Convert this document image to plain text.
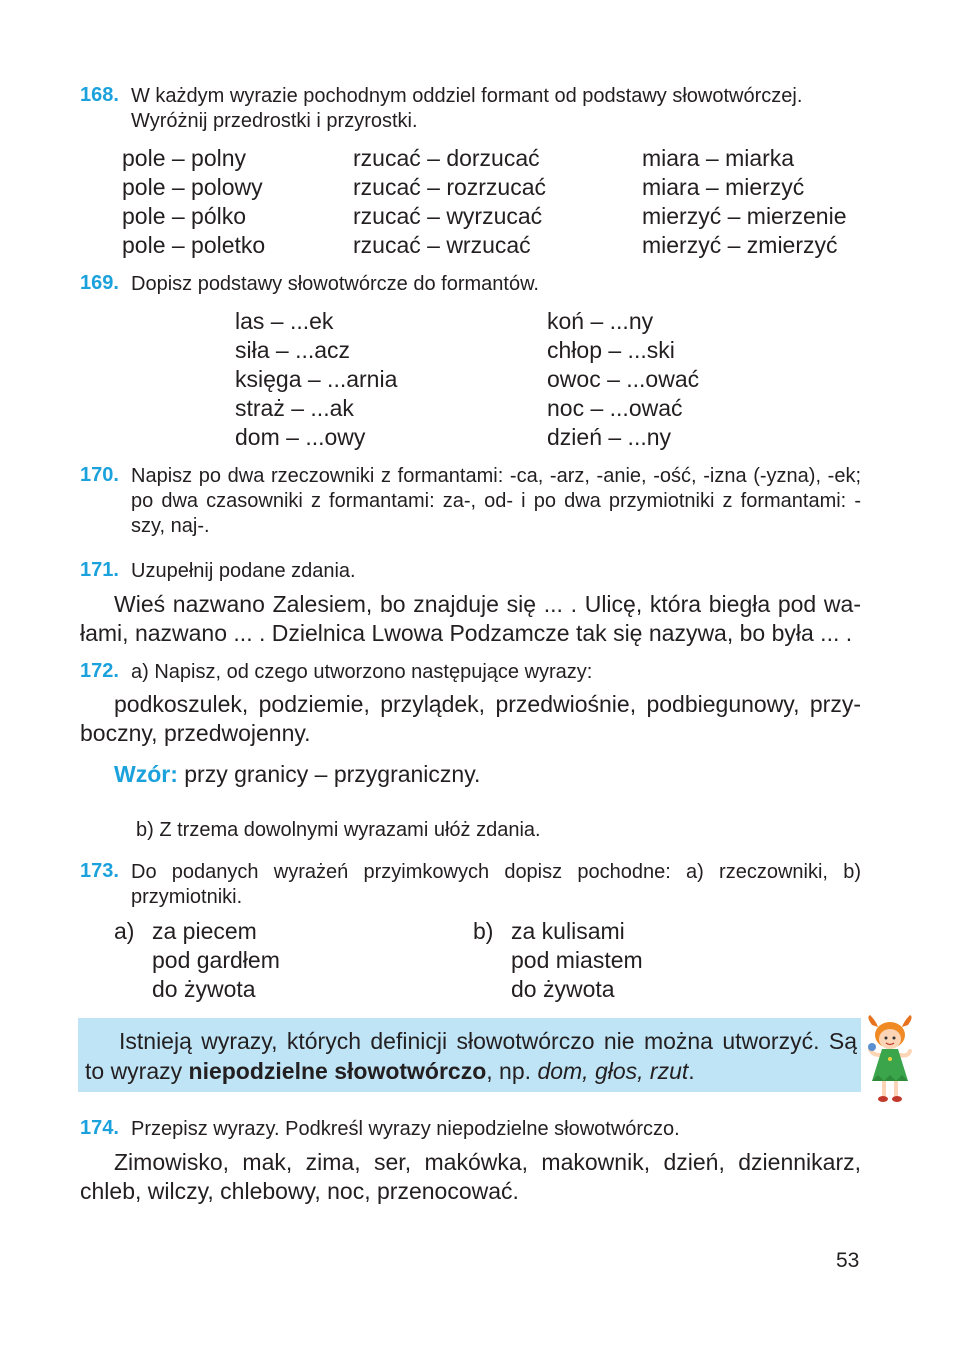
168. W każdym wyrazie pochodnym oddziel formant od podstawy słowotwórczej.
Wyróżnij przedrostki i przyrostki.
pole – polny
pole – polowy
pole – pólko
pole – poletko
rzucać – dorzucać
rzucać – rozrzucać
rzucać – wyrzucać
rzucać – wrzucać
miara – miarka
miara – mierzyć
mierzyć – mierzenie
mierzyć – zmierzyć
169. Dopisz podstawy słowotwórcze do formantów.
las – ...ek
siła – ...acz
księga – ...arnia
straż – ...ak
dom – ...owy
koń – ...ny
chłop – ...ski
owoc – ...ować
noc – ...ować
dzień – ...ny
170. Napisz po dwa rzeczowniki z formantami: -ca, -arz, -anie, -ość, -izna (-yzna), -ek; po dwa czasowniki z formantami: za-, od- i po dwa przymiotniki z formantami: -szy, naj-.
171. Uzupełnij podane zdania.
Wieś nazwano Zalesiem, bo znajduje się ... . Ulicę, która biegła pod wałami, nazwano ... . Dzielnica Lwowa Podzamcze tak się nazywa, bo była ... .
172. a) Napisz, od czego utworzono następujące wyrazy:
podkoszulek, podziemie, przylądek, przedwiośnie, podbiegunowy, przyboczny, przedwojenny.
Wzór: przy granicy – przygraniczny.
b) Z trzema dowolnymi wyrazami ułóż zdania.
173. Do podanych wyrażeń przyimkowych dopisz pochodne: a) rzeczowniki, b) przymiotniki.
a) za piecem
pod gardłem
do żywota
b) za kulisami
pod miastem
do żywota
Istnieją wyrazy, których definicji słowotwórczo nie można utworzyć. Są to wyrazy niepodzielne słowotwórczo, np. dom, głos, rzut.
174. Przepisz wyrazy. Podkreśl wyrazy niepodzielne słowotwórczo.
Zimowisko, mak, zima, ser, makówka, makownik, dzień, dziennikarz, chleb, wilczy, chlebowy, noc, przenocować.
53
